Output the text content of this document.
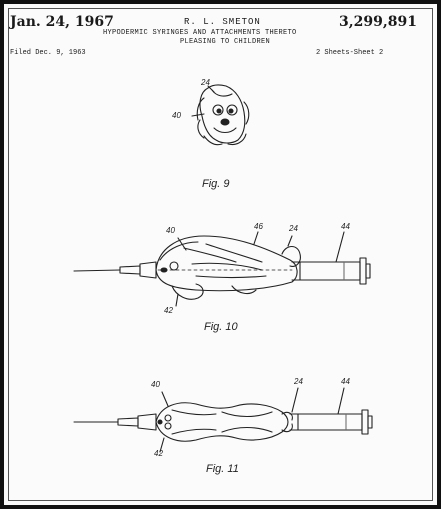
Jan. 24, 1967	R. L. SMETON	3,299,891
HYPODERMIC SYRINGES AND ATTACHMENTS THERETO
PLEASING TO CHILDREN
Filed Dec. 9, 1963	2 Sheets-Sheet 2
24
40
Fig. 9
40	46	24	44
42
Fig. 10
40	24	44
42
Fig. 11
